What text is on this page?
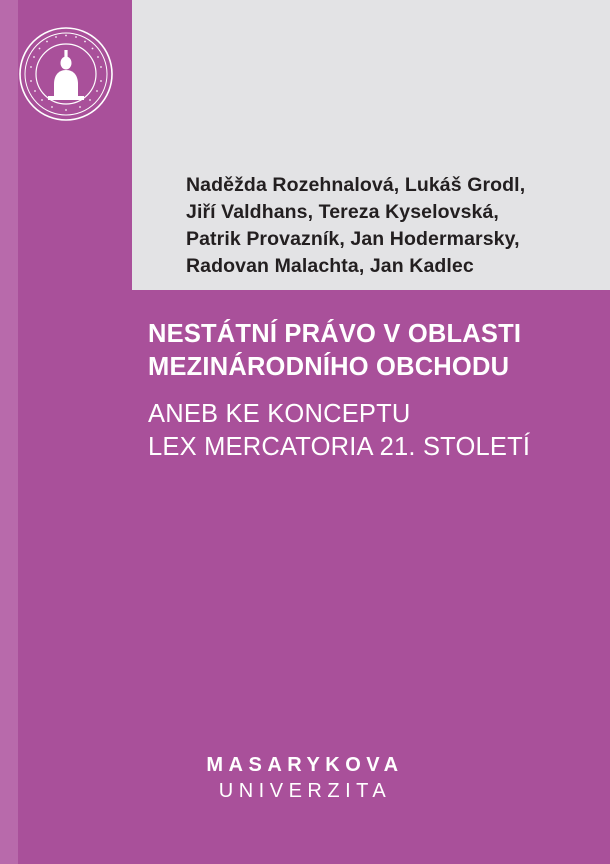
Naděžda Rozehnalová, Lukáš Grodl,
Jiří Valdhans, Tereza Kyselovská,
Patrik Provazník, Jan Hodermarsky,
Radovan Malachta, Jan Kadlec
NESTÁTNÍ PRÁVO V OBLASTI
MEZINÁRODNÍHO OBCHODU
ANEB KE KONCEPTU
LEX MERCATORIA 21. STOLETÍ
MASARYKOVA
UNIVERZITA
